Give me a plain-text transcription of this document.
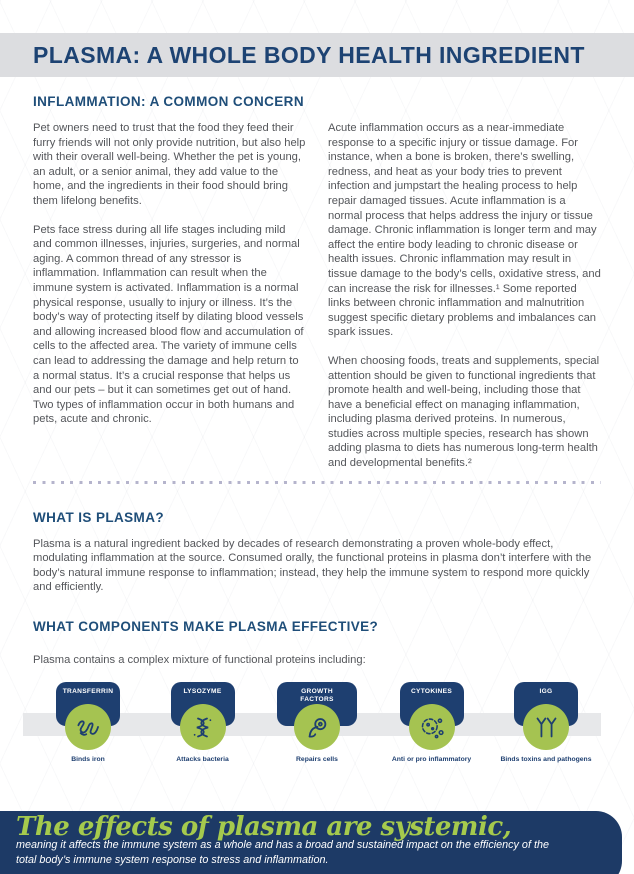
PLASMA: A WHOLE BODY HEALTH INGREDIENT
INFLAMMATION: A COMMON CONCERN

Pet owners need to trust that the food they feed their furry friends will not only provide nutrition, but also help with their overall well-being. Whether the pet is young, an adult, or a senior animal, they add value to the home, and the ingredients in their food should bring them lifelong benefits.

Pets face stress during all life stages including mild and common illnesses, injuries, surgeries, and normal aging. A common thread of any stressor is inflammation. Inflammation can result when the immune system is activated. Inflammation is a normal physical response, usually to injury or illness. It’s the body’s way of protecting itself by dilating blood vessels and allowing increased blood flow and accumulation of cells to the affected area. The variety of immune cells can lead to addressing the damage and help return to a normal status. It’s a crucial response that helps us and our pets – but it can sometimes get out of hand. Two types of inflammation occur in both humans and pets, acute and chronic.

Acute inflammation occurs as a near-immediate response to a specific injury or tissue damage. For instance, when a bone is broken, there’s swelling, redness, and heat as your body tries to prevent infection and jumpstart the healing process to help repair damaged tissues. Acute inflammation is a normal process that helps address the injury or tissue damage. Chronic inflammation is longer term and may affect the entire body leading to chronic disease or health issues. Chronic inflammation may result in tissue damage to the body’s cells, oxidative stress, and can increase the risk for illnesses.¹ Some reported links between chronic inflammation and malnutrition suggest specific dietary problems and imbalances can spark issues.

When choosing foods, treats and supplements, special attention should be given to functional ingredients that promote health and well-being, including those that have a beneficial effect on managing inflammation, including plasma derived proteins. In numerous, studies across multiple species, research has shown adding plasma to diets has numerous long-term health and developmental benefits.²

WHAT IS PLASMA?

Plasma is a natural ingredient backed by decades of research demonstrating a proven whole-body effect, modulating inflammation at the source. Consumed orally, the functional proteins in plasma don’t interfere with the body’s natural immune response to inflammation; instead, they help the immune system to respond more quickly and efficiently.

WHAT COMPONENTS MAKE PLASMA EFFECTIVE?

Plasma contains a complex mixture of functional proteins including:

TRANSFERRIN
Binds iron
LYSOZYME
Attacks bacteria
GROWTH FACTORS
Repairs cells
CYTOKINES
Anti or pro inflammatory
IGG
Binds toxins and pathogens

The effects of plasma are systemic, meaning it affects the immune system as a whole and has a broad and sustained impact on the efficiency of the total body’s immune system response to stress and inflammation.
